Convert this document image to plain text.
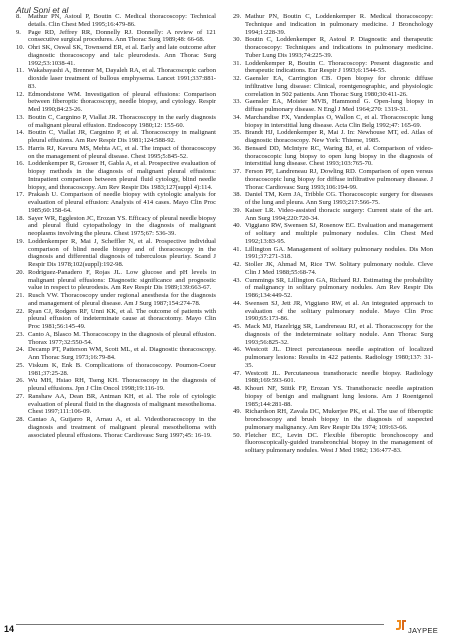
Atul Soni et al
8. Mathur PN, Astoul P, Boutin C. Medical thoracoscopy: Technical details. Clin Chest Med 1995;16:479-86.
9. Page RD, Jeffrey RR, Donnelly RJ. Donnelly: A review of 121 consecutive surgical procedures. Ann Thorac Surg 1989;48: 66-68.
10. Ohri SK, Oswal SK, Townsend ER, et al. Early and late outcome after diagnostic thoracoscopy and talc pleurodesis. Ann Thorac Surg 1992;53:1038-41.
11. Wakabayashi A, Brenner M, Dayaleh RA, et al. Thoracoscopic carbon dioxide laser treatment of bullous emphysema. Lancet 1991;337:881-83.
12. Edmondstone WM. Investigation of pleural effusions: Comparison between fiberoptic thoracoscopy, needle biopsy, and cytology. Respir Med 1990;84:23-26.
13. Boutin C, Cargnino P, Viallat JR. Thoracoscopy in the early diagnosis of malignant pleural effusion. Endoscopy 1980;12: 155-60.
14. Boutin C, Viallat JR, Cargnino P, et al. Thoracoscopy in malignant pleural effusions. Am Rev Respir Dis 1981;124:588-92.
15. Harris RJ, Kavuru MS, Mehta AC, et al. The impact of thoracoscopy on the management of pleural disease. Chest 1995;5:845-52.
16. Loddenkemper R, Grosser H, Gabla A, et al. Prospective evaluation of biopsy methods in the diagnosis of malignant pleural effusions: Intrapatient comparison between pleural fluid cytology, blind needle biopsy, and thoracoscopy. Am Rev Respir Dis 1983;127(suppl 4):114.
17. Prakash U. Comparison of needle biopsy with cytologic analysis for evaluation of pleural effusion: Analysis of 414 cases. Mayo Clin Proc 1985;60:158-64.
18. Sayer WR, Eggleston JC, Erozan YS. Efficacy of pleural needle biopsy and pleural fluid cytopathology in the diagnosis of malignant neoplasms involving the pleura. Chest 1975;67: 536-39.
19. Loddenkemper R, Mai J, Scheffler N, et al. Prospective individual comparison of blind needle biopsy and of thoracoscopy in the diagnosis and differential diagnosis of tuberculous pleurisy. Scand J Respir Dis 1978;102(suppl):192-98.
20. Rodriguez-Panadero F, Rojas JL. Low glucose and pH levels in malignant pleural effusions: Diagnostic significance and prognostic value in respect to pleurodesis. Am Rev Respir Dis 1989;139:663-67.
21. Rusch VW. Thoracoscopy under regional anesthesia for the diagnosis and management of pleural disease. Am J Surg 1987;154:274-78.
22. Ryan CJ, Rodgers RF, Unni KK, et al. The outcome of patients with pleural effusion of indeterminate cause at thoracotomy. Mayo Clin Proc 1981;56:145-49.
23. Canto A, Blasco M. Thoracoscopy in the diagnosis of pleural effusion. Thorax 1977;32:550-54.
24. Decamp PT, Patterson WM, Scott ML, et al. Diagnostic thoracoscopy. Ann Thorac Surg 1973;16:79-84.
25. Viskum K, Enk B. Complications of thoracoscopy. Poumon-Coeur 1981;37:25-28.
26. Wu MH, Hsiao RH, Tseng KH. Thoracoscopy in the diagnosis of pleural effusions. Jpn J Clin Oncol 1998;19:116-19.
27. Ranshaw AA, Dean BR, Antman KH, et al. The role of cytologic evaluation of pleural fluid in the diagnosis of malignant mesothelioma. Chest 1997;111:106-09.
28. Cantao A, Guijarro R, Arnau A, et al. Videothoracoscopy in the diagnosis and treatment of malignant pleural mesothelioma with associated pleural effusions. Thorac Cardiovasc Surg 1997;45: 16-19.
29. Mathur PN, Boutin C, Loddenkemper R. Medical thoracoscopy: Technique and indication in pulmonary medicine. J Bronchology 1994;1:228-39.
30. Boutin C, Loddenkemper R, Astoul P. Diagnostic and therapeutic thoracoscopy: Techniques and indications in pulmonary medicine. Tuber Lung Dis 1993;74:225-39.
31. Loddenkemper R, Boutin C. Thoracoscopy: Present diagnostic and therapeutic indications. Eur Respir J 1993;6:1544-55.
32. Gaensler EA, Carrington CB. Open biopsy for chronic diffuse infiltrative lung disease: Clinical, roentgenographic, and physiologic correlation in 502 patients. Ann Thorac Surg 1980;30:411-26.
33. Gaensler EA, Moister MVB, Hammond G. Open-lung biopsy in diffuse pulmonary disease. N Engl J Med 1964;270: 1319-31.
34. Marchandise FX, Vandenplas O, Wallon C, et al. Thoracoscopic lung biopsy in interstitial lung disease. Acta Clin Belg 1992;47: 165-69.
35. Brandt HJ, Loddenkemper R, Mai J. In: Newhouse MT, ed. Atlas of diagnostic thoracoscopy. New York: Thieme, 1985.
36. Bensard DD, McIntyre RC, Waring BJ, et al. Comparison of video-thoracoscopic lung biopsy to open lung biopsy in the diagnosis of interstitial lung disease. Chest 1993;103:765-70.
37. Ferson PF, Landreneau RJ, Dowling RD. Comparison of open versus thoracoscopic lung biopsy for diffuse infiltrative pulmonary disease. J Thorac Cardiovasc Surg 1993;106:194-99.
38. Daniel TM, Kern JA, Tribble CG. Thoracoscopic surgery for diseases of the lung and pleura. Ann Surg 1993;217:566-75.
39. Kaiser LR. Video-assisted thoracic surgery: Current state of the art. Ann Surg 1994;220:720-34.
40. Viggiano RW, Swensen SJ, Rosenow EC. Evaluation and management of solitary and multiple pulmonary nodules. Clin Chest Med 1992;13:83-95.
41. Lillington GA. Management of solitary pulmonary nodules. Dis Mon 1991;37:271-318.
42. Stoller JK, Ahmad M, Rice TW. Solitary pulmonary nodule. Cleve Clin J Med 1988;55:68-74.
43. Cummings SR, Lillington GA, Richard RJ. Estimating the probability of malignancy in solitary pulmonary nodules. Am Rev Respir Dis 1986;134:449-52.
44. Swensen SJ, Jett JR, Viggiano RW, et al. An integrated approach to evaluation of the solitary pulmonary nodule. Mayo Clin Proc 1990;65:173-86.
45. Mack MJ, Hazelrigg SR, Landreneau RJ, et al. Thoracoscopy for the diagnosis of the indeterminate solitary nodule. Ann Thorac Surg 1993;56:825-32.
46. Westcott JL. Direct percutaneous needle aspiration of localized pulmonary lesions: Results in 422 patients. Radiology 1980;137: 31-35.
47. Westcott JL. Percutaneous transthoracic needle biopsy. Radiology 1988;169:593-601.
48. Khouri NF, Stitik FP, Erozan YS. Transthoracic needle aspiration biopsy of benign and malignant lung lesions. Am J Roentgenol 1985;144:281-88.
49. Richardson RH, Zavala DC, Mukerjee PK, et al. The use of fiberoptic bronchoscopy and brush biopsy in the diagnosis of suspected pulmonary malignancy. Am Rev Respir Dis 1974; 109:63-66.
50. Fletcher EC, Levin DC. Flexible fiberoptic bronchoscopy and fluoroscopically-guided transbronchial biopsy in the management of solitary pulmonary nodules. West J Med 1982; 136:477-83.
14	JAYPEE
